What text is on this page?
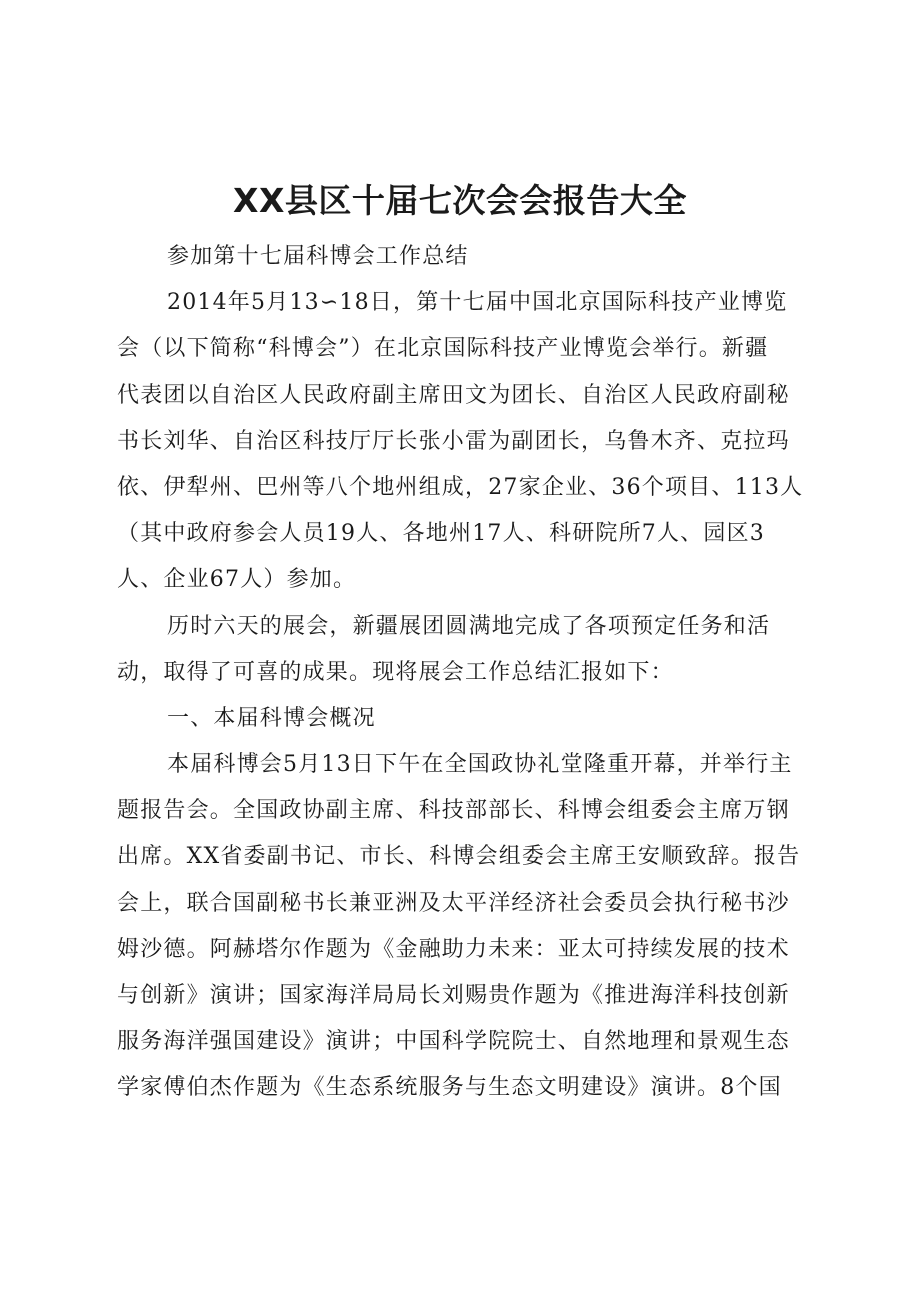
XX县区十届七次会会报告大全
参加第十七届科博会工作总结
2014年5月13∽18日，第十七届中国北京国际科技产业博览
会（以下简称“科博会”）在北京国际科技产业博览会举行。新疆
代表团以自治区人民政府副主席田文为团长、自治区人民政府副秘
书长刘华、自治区科技厅厅长张小雷为副团长，乌鲁木齐、克拉玛
依、伊犁州、巴州等八个地州组成，27家企业、36个项目、113人
（其中政府参会人员19人、各地州17人、科研院所7人、园区3
人、企业67人）参加。
历时六天的展会，新疆展团圆满地完成了各项预定任务和活
动，取得了可喜的成果。现将展会工作总结汇报如下：
一、本届科博会概况
本届科博会5月13日下午在全国政协礼堂隆重开幕，并举行主
题报告会。全国政协副主席、科技部部长、科博会组委会主席万钢
出席。XX省委副书记、市长、科博会组委会主席王安顺致辞。报告
会上，联合国副秘书长兼亚洲及太平洋经济社会委员会执行秘书沙
姆沙德。阿赫塔尔作题为《金融助力未来：亚太可持续发展的技术
与创新》演讲；国家海洋局局长刘赐贵作题为《推进海洋科技创新
服务海洋强国建设》演讲；中国科学院院士、自然地理和景观生态
学家傅伯杰作题为《生态系统服务与生态文明建设》演讲。8个国
